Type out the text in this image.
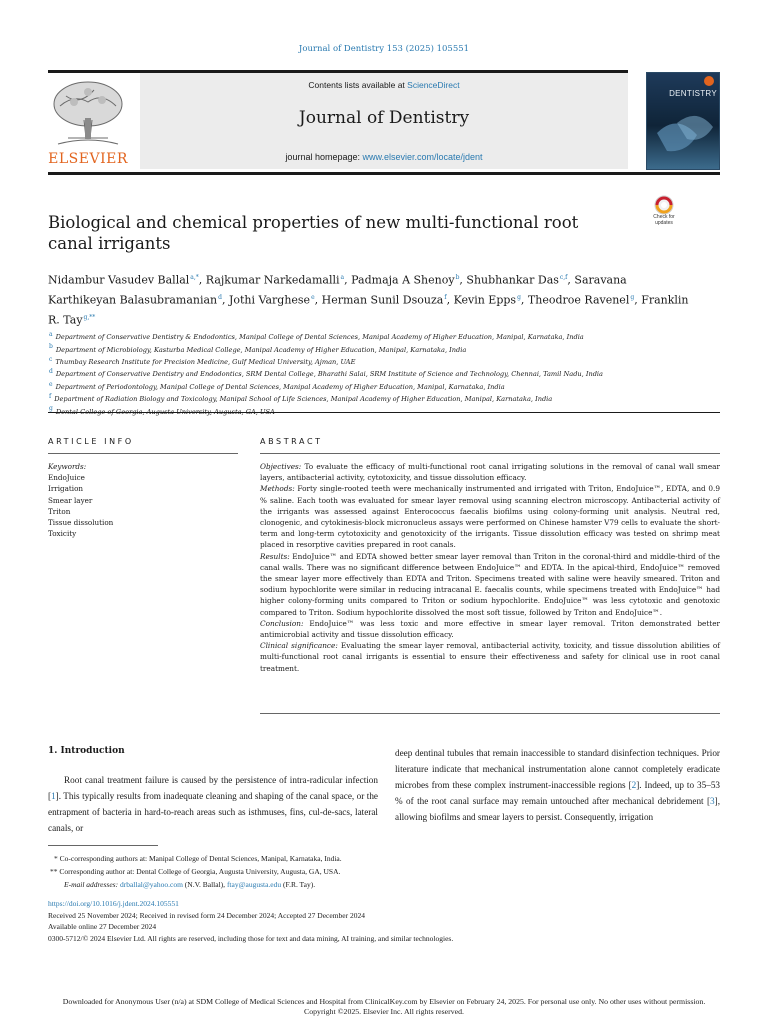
Journal of Dentistry 153 (2025) 105551
ELSEVIER
Contents lists available at ScienceDirect
Journal of Dentistry
journal homepage: www.elsevier.com/locate/jdent
DENTISTRY
Check for updates
Biological and chemical properties of new multi-functional root canal irrigants
Nidambur Vasudev Ballal$^{a,*}$, Rajkumar Narkedamalli$^a$, Padmaja A Shenoy$^b$, Shubhankar Das$^{c,f}$, Saravana Karthikeyan Balasubramanian$^d$, Jothi Varghese$^e$, Herman Sunil Dsouza$^f$, Kevin Epps$^g$, Theodroe Ravenel$^g$, Franklin R. Tay$^{g,**}$
$^a$ Department of Conservative Dentistry & Endodontics, Manipal College of Dental Sciences, Manipal Academy of Higher Education, Manipal, Karnataka, India
$^b$ Department of Microbiology, Kasturba Medical College, Manipal Academy of Higher Education, Manipal, Karnataka, India
$^c$ Thumbay Research Institute for Precision Medicine, Gulf Medical University, Ajman, UAE
$^d$ Department of Conservative Dentistry and Endodontics, SRM Dental College, Bharathi Salai, SRM Institute of Science and Technology, Chennai, Tamil Nadu, India
$^e$ Department of Periodontology, Manipal College of Dental Sciences, Manipal Academy of Higher Education, Manipal, Karnataka, India
$^f$ Department of Radiation Biology and Toxicology, Manipal School of Life Sciences, Manipal Academy of Higher Education, Manipal, Karnataka, India
$^g$
ARTICLE INFO
Keywords:
EndoJuice
Irrigation
Smear layer
Triton
Tissue dissolution
Toxicity
ABSTRACT
Objectives: To evaluate the efficacy of multi-functional root canal irrigating solutions in the removal of canal wall smear layers, antibacterial activity, cytotoxicity, and tissue dissolution efficacy.
Methods: Forty single-rooted teeth were mechanically instrumented and irrigated with Triton, EndoJuice™, EDTA, and 0.9 % saline. Each tooth was evaluated for smear layer removal using scanning electron microscopy. Antibacterial activity of the irrigants was assessed against Enterococcus faecalis biofilms using colony-forming unit analysis. Neutral red, clonogenic, and cytokinesis-block micronucleus assays were performed on Chinese hamster V79 cells to evaluate the short-term and long-term cytotoxicity and genotoxicity of the irrigants. Tissue dissolution efficacy was tested on shrimp meat placed in resorptive cavities prepared in root canals.
Results: EndoJuice™ and EDTA showed better smear layer removal than Triton in the coronal-third and middle-third of the canal walls. There was no significant difference between EndoJuice™ and EDTA. In the apical-third, EndoJuice™ removed the smear layer more effectively than EDTA and Triton. Specimens treated with saline were heavily smeared. Triton and sodium hypochlorite were similar in reducing intracanal E. faecalis counts, while specimens treated with EndoJuice™ had higher colony-forming units compared to Triton or sodium hypochlorite. EndoJuice™ was less cytotoxic and genotoxic compared to Triton. Sodium hypochlorite dissolved the most soft tissue, followed by Triton and EndoJuice™.
Conclusion: EndoJuice™ was less toxic and more effective in smear layer removal. Triton demonstrated better antimicrobial activity and tissue dissolution efficacy.
Clinical significance: Evaluating the smear layer removal, antibacterial activity, toxicity, and tissue dissolution abilities of multi-functional root canal irrigants is essential to ensure their effectiveness and safety for clinical use in root canal treatment.
1. Introduction
Root canal treatment failure is caused by the persistence of intra-radicular infection [1]. This typically results from inadequate cleaning and shaping of the canal space, or the entrapment of bacteria in hard-to-reach areas such as isthmuses, fins, cul-de-sacs, lateral canals, or
deep dentinal tubules that remain inaccessible to standard disinfection techniques. Prior literature indicate that mechanical instrumentation alone cannot completely eradicate microbes from these complex instrument-inaccessible regions [2]. Indeed, up to 35–53 % of the root canal surface may remain untouched after mechanical debridement [3], allowing biofilms and smear layers to persist. Consequently, irrigation
* Co-corresponding authors at: Manipal College of Dental Sciences, Manipal, Karnataka, India.
** Corresponding author at: Dental College of Georgia, Augusta University, Augusta, GA, USA.
E-mail addresses: drballal@yahoo.com (N.V. Ballal), ftay@augusta.edu (F.R. Tay).
https://doi.org/10.1016/j.jdent.2024.105551
Received 25 November 2024; Received in revised form 24 December 2024; Accepted 27 December 2024
Available online 27 December 2024
0300-5712/© 2024 Elsevier Ltd. All rights are reserved, including those for text and data mining, AI training, and similar technologies.
Downloaded for Anonymous User (n/a) at SDM College of Medical Sciences and Hospital from ClinicalKey.com by Elsevier on February 24, 2025. For personal use only. No other uses without permission. Copyright ©2025. Elsevier Inc. All rights reserved.
